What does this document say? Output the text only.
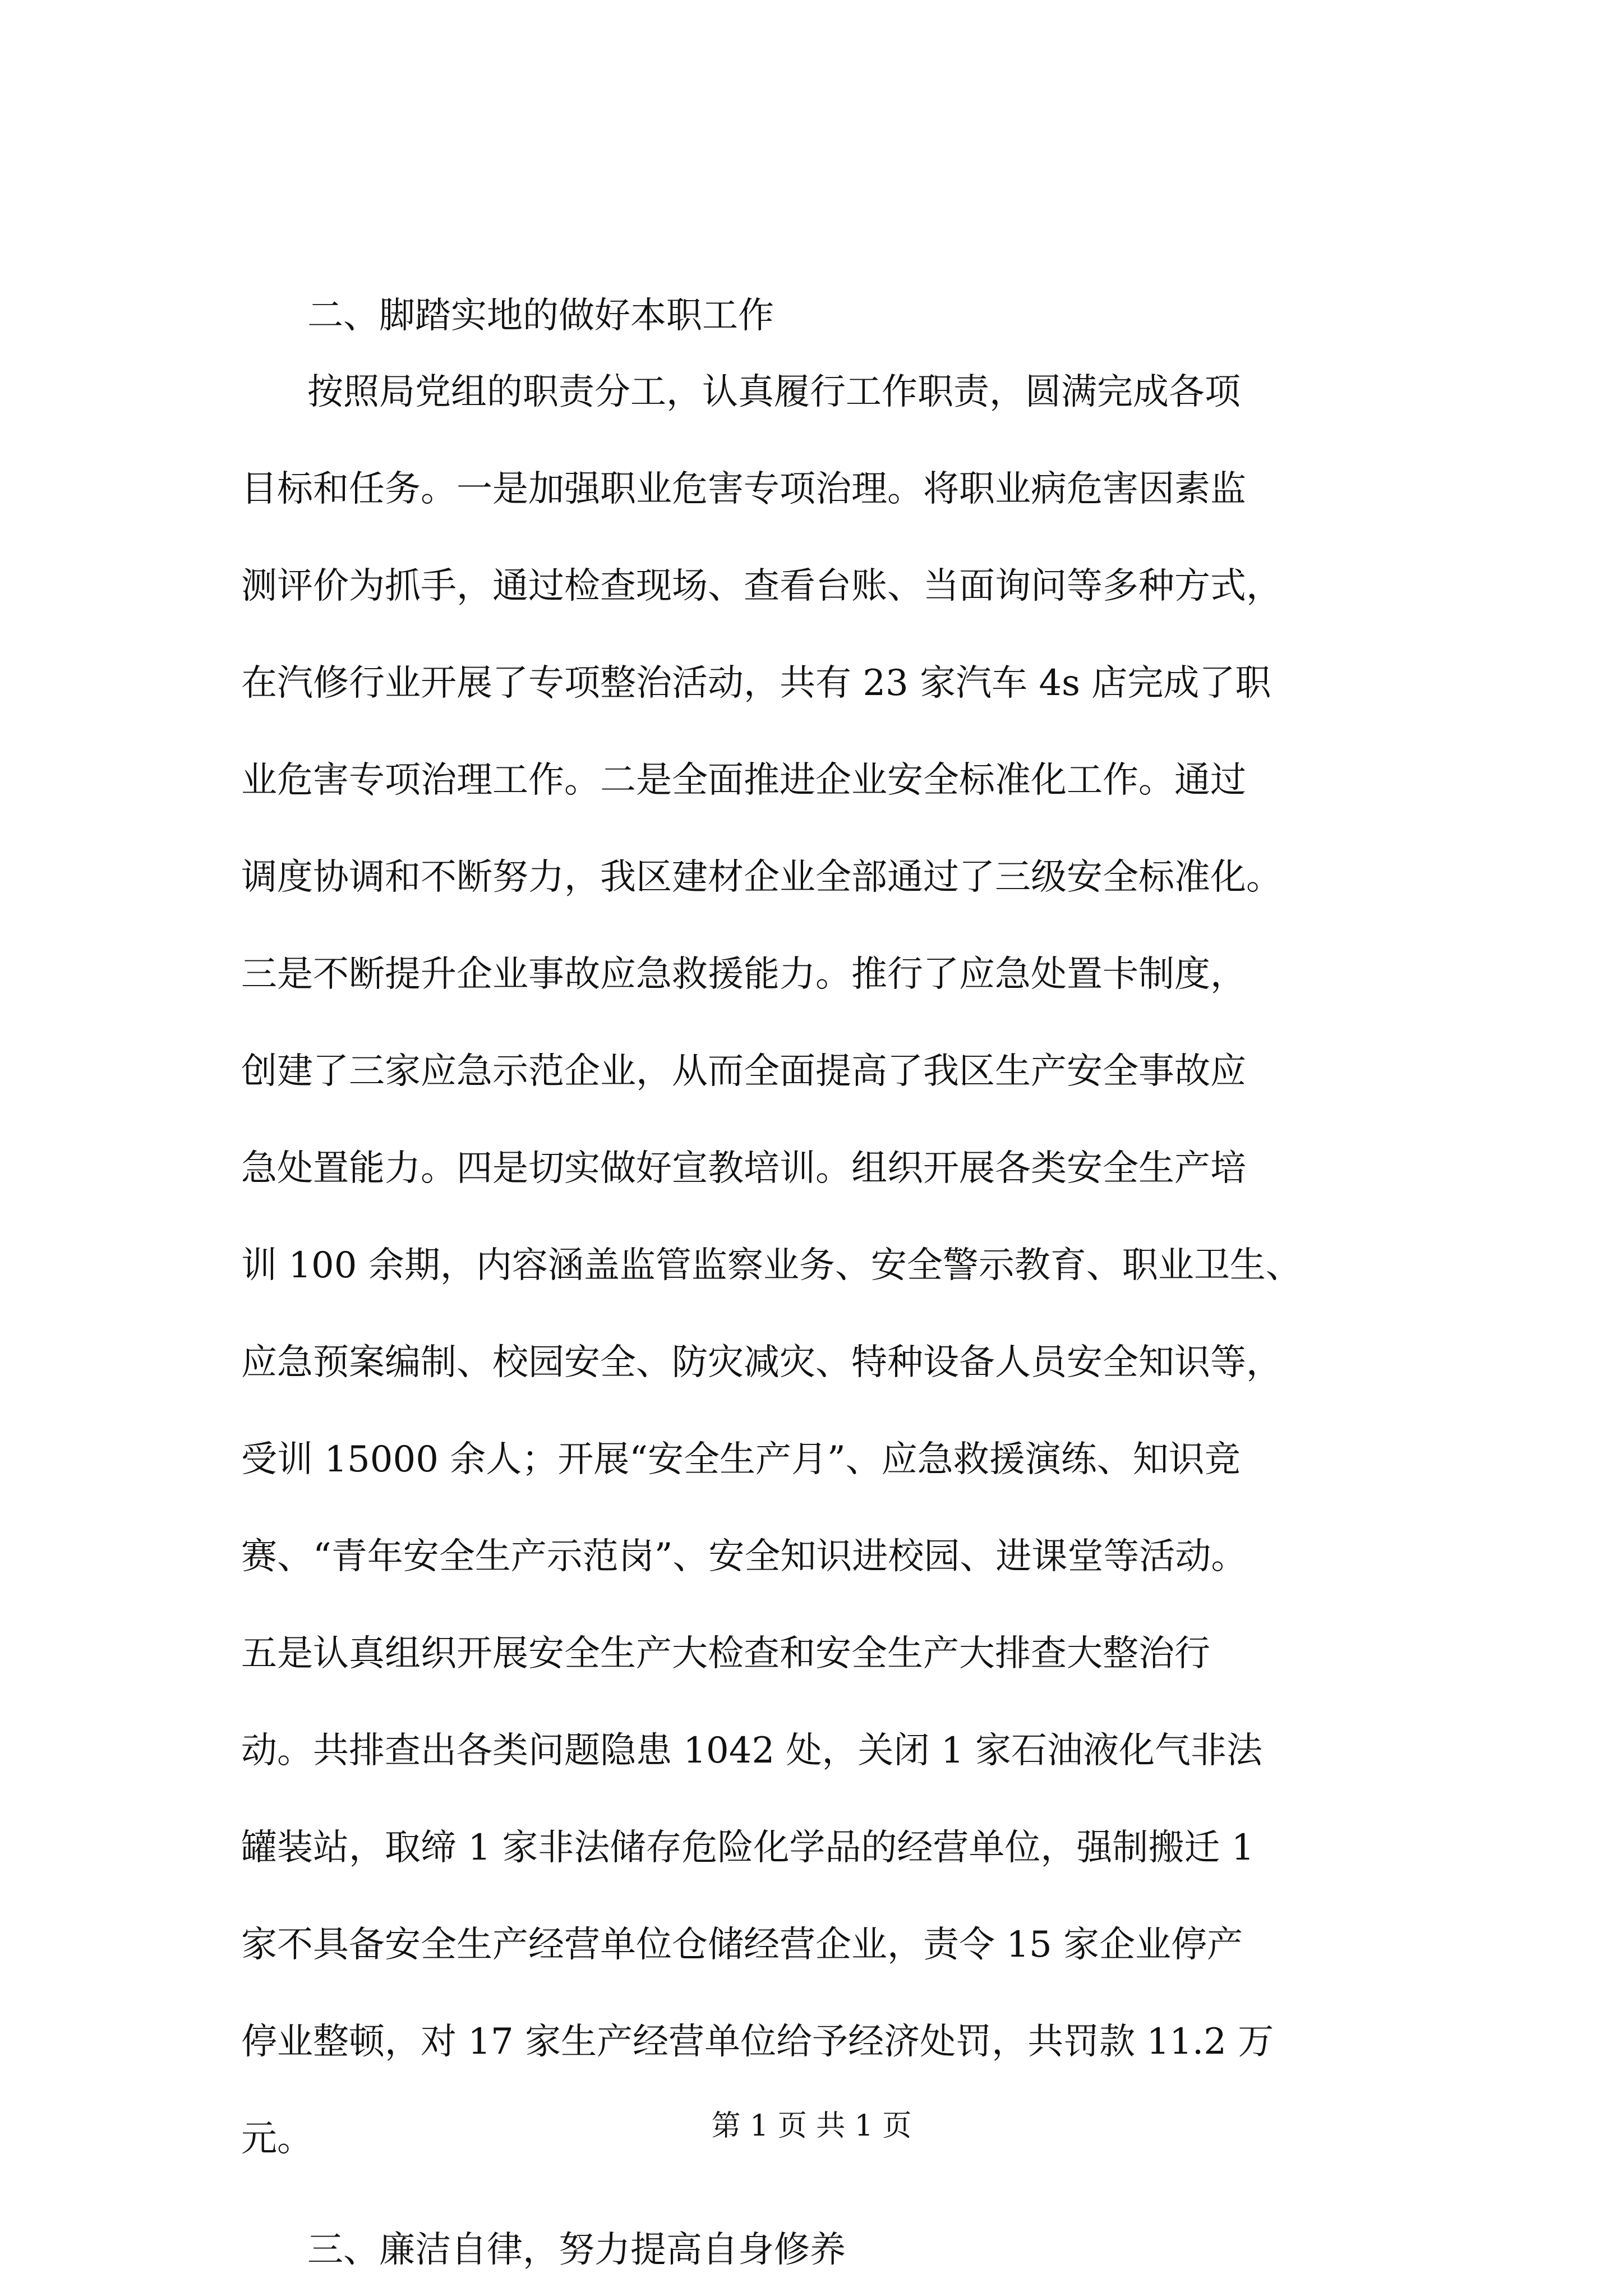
二、脚踏实地的做好本职工作
按照局党组的职责分工，认真履行工作职责，圆满完成各项
目标和任务。一是加强职业危害专项治理。将职业病危害因素监
测评价为抓手，通过检查现场、查看台账、当面询问等多种方式，
在汽修行业开展了专项整治活动，共有 23 家汽车 4s 店完成了职
业危害专项治理工作。二是全面推进企业安全标准化工作。通过
调度协调和不断努力，我区建材企业全部通过了三级安全标准化。
三是不断提升企业事故应急救援能力。推行了应急处置卡制度，
创建了三家应急示范企业，从而全面提高了我区生产安全事故应
急处置能力。四是切实做好宣教培训。组织开展各类安全生产培
训 100 余期，内容涵盖监管监察业务、安全警示教育、职业卫生、
应急预案编制、校园安全、防灾减灾、特种设备人员安全知识等，
受训 15000 余人；开展“安全生产月”、应急救援演练、知识竞
赛、“青年安全生产示范岗”、安全知识进校园、进课堂等活动。
五是认真组织开展安全生产大检查和安全生产大排查大整治行
动。共排查出各类问题隐患 1042 处，关闭 1 家石油液化气非法
罐装站，取缔 1 家非法储存危险化学品的经营单位，强制搬迁 1
家不具备安全生产经营单位仓储经营企业，责令 15 家企业停产
停业整顿，对 17 家生产经营单位给予经济处罚，共罚款 11.2 万
元。
三、廉洁自律，努力提高自身修养
第 1 页 共 1 页
